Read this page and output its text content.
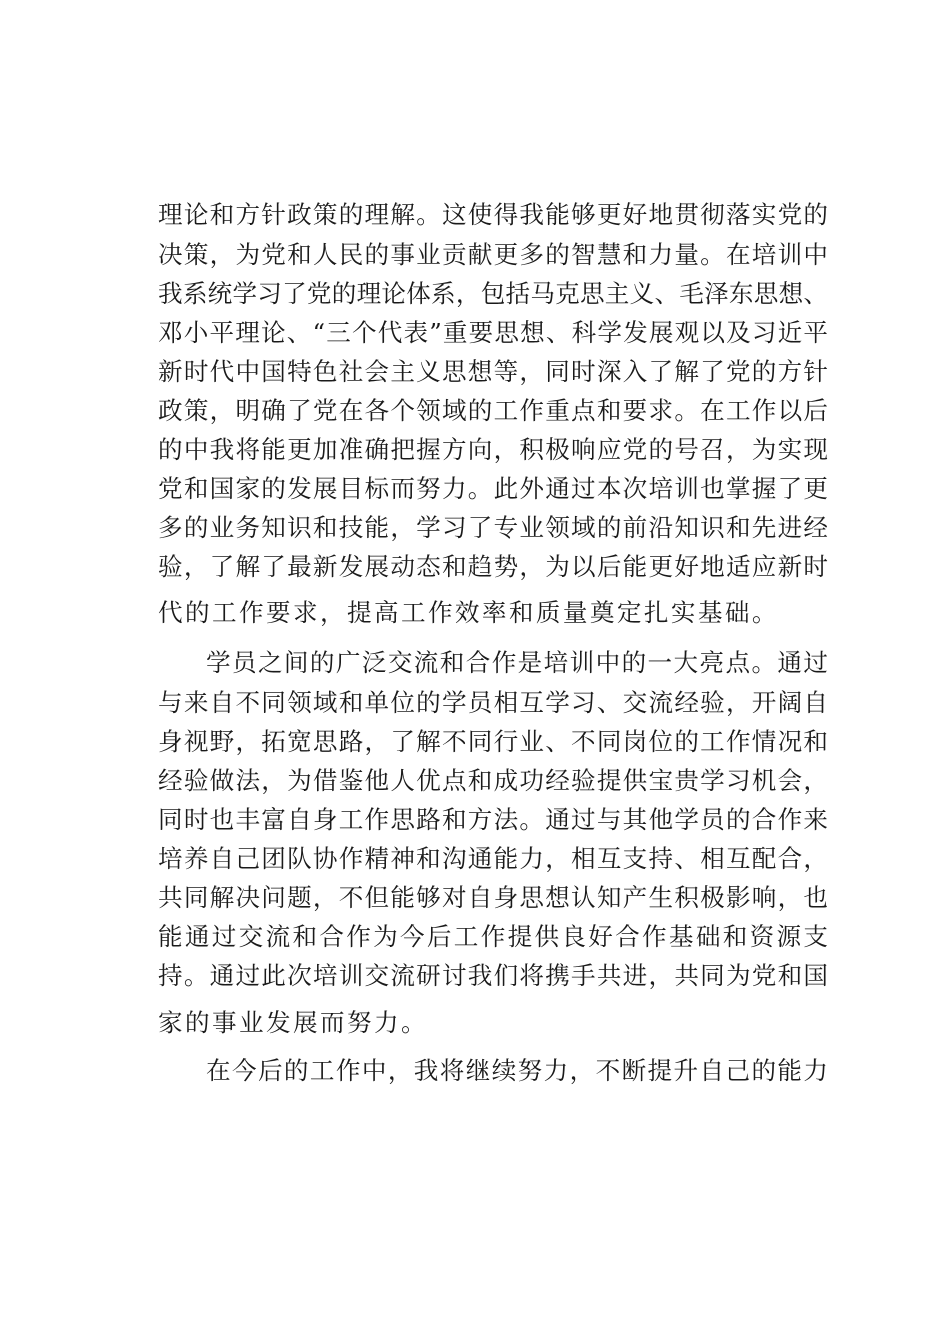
理论和方针政策的理解。这使得我能够更好地贯彻落实党的
决策，为党和人民的事业贡献更多的智慧和力量。在培训中
我系统学习了党的理论体系，包括马克思主义、毛泽东思想、
邓小平理论、“三个代表”重要思想、科学发展观以及习近平
新时代中国特色社会主义思想等，同时深入了解了党的方针
政策，明确了党在各个领域的工作重点和要求。在工作以后
的中我将能更加准确把握方向，积极响应党的号召，为实现
党和国家的发展目标而努力。此外通过本次培训也掌握了更
多的业务知识和技能，学习了专业领域的前沿知识和先进经
验，了解了最新发展动态和趋势，为以后能更好地适应新时
代的工作要求，提高工作效率和质量奠定扎实基础。
学员之间的广泛交流和合作是培训中的一大亮点。通过
与来自不同领域和单位的学员相互学习、交流经验，开阔自
身视野，拓宽思路，了解不同行业、不同岗位的工作情况和
经验做法，为借鉴他人优点和成功经验提供宝贵学习机会，
同时也丰富自身工作思路和方法。通过与其他学员的合作来
培养自己团队协作精神和沟通能力，相互支持、相互配合，
共同解决问题，不但能够对自身思想认知产生积极影响，也
能通过交流和合作为今后工作提供良好合作基础和资源支
持。通过此次培训交流研讨我们将携手共进，共同为党和国
家的事业发展而努力。
在今后的工作中，我将继续努力，不断提升自己的能力
